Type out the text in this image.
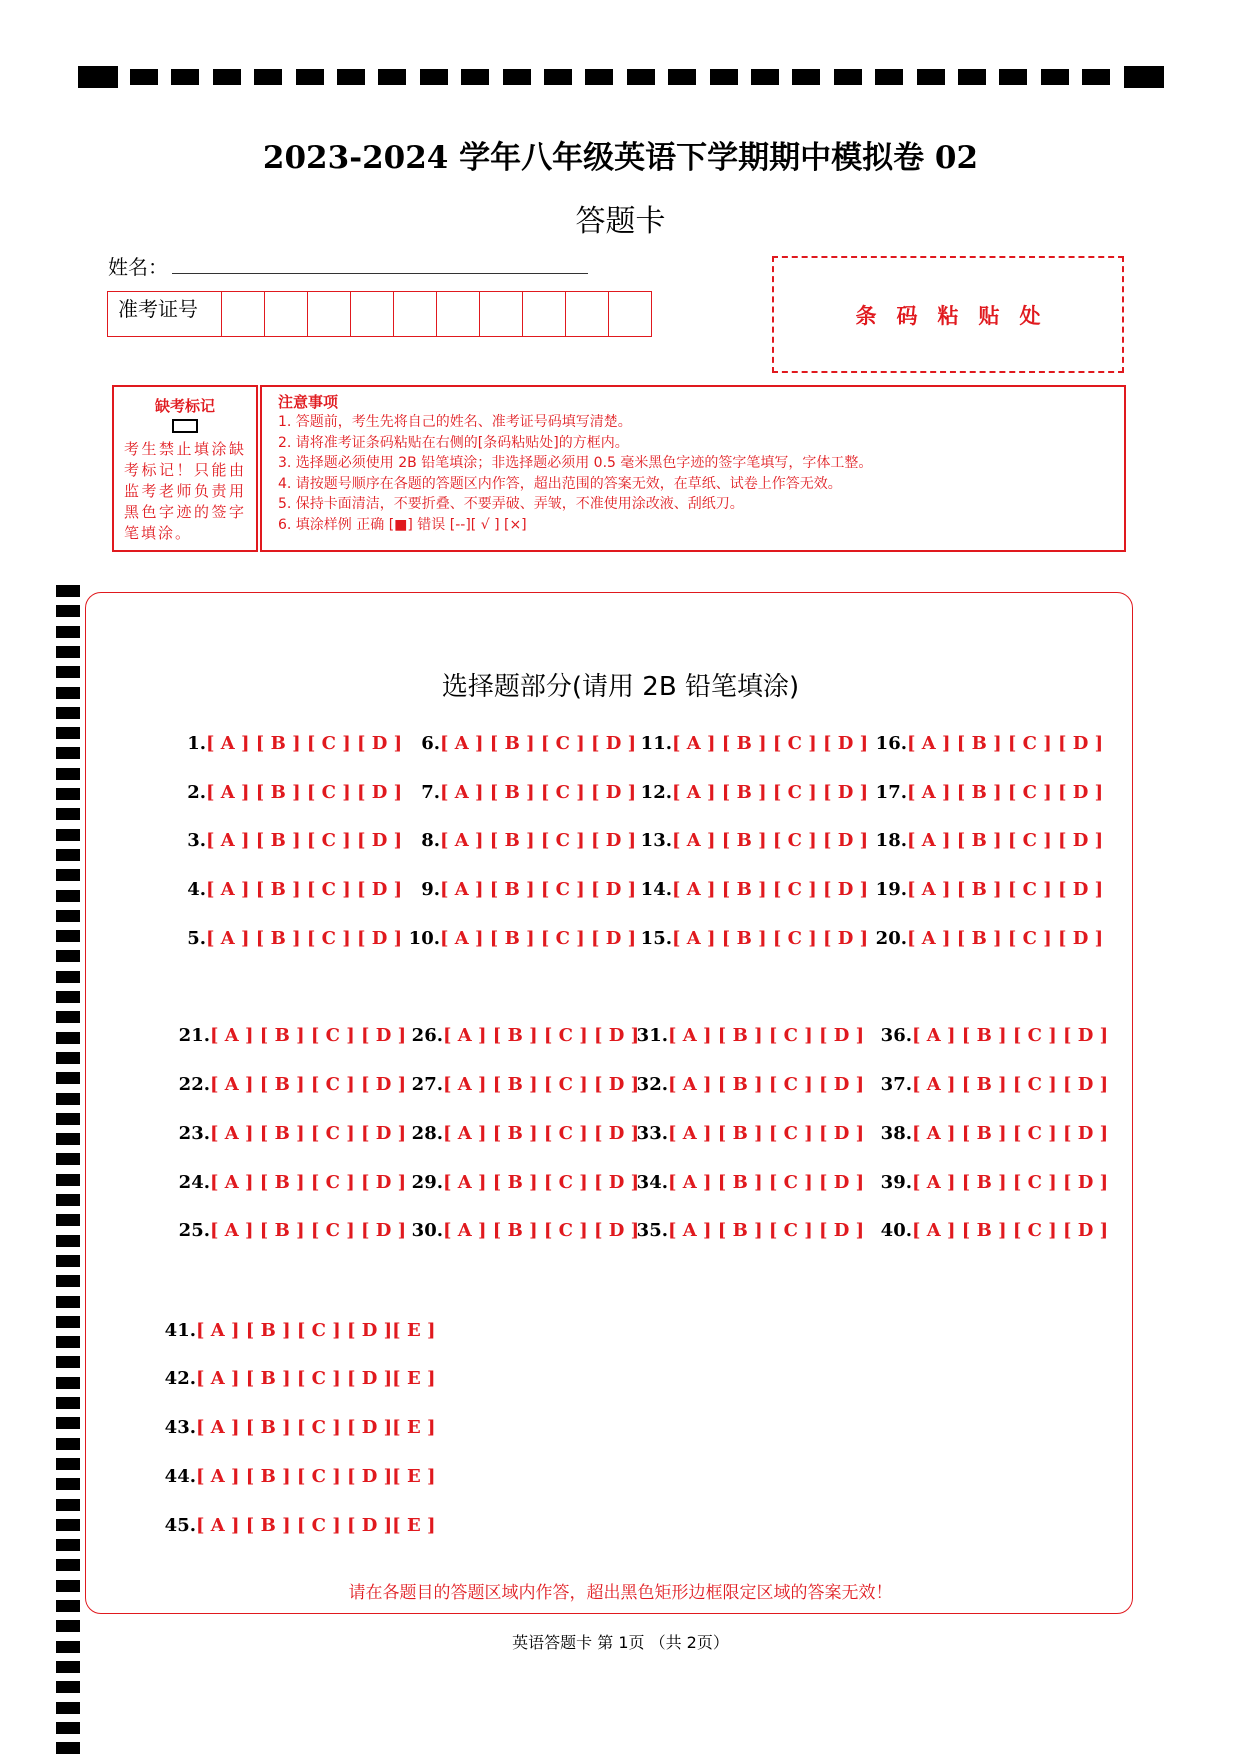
2023-2024 学年八年级英语下学期期中模拟卷 02
答题卡
姓名：
准考证号	条码粘贴处
缺考标记
考生禁止填涂缺考标记！只能由监考老师负责用黑色字迹的签字笔填涂。
注意事项
1. 答题前，考生先将自己的姓名、准考证号码填写清楚。
2. 请将准考证条码粘贴在右侧的[条码粘贴处]的方框内。
3. 选择题必须使用 2B 铅笔填涂；非选择题必须用 0.5 毫米黑色字迹的签字笔填写，字体工整。
4. 请按题号顺序在各题的答题区内作答，超出范围的答案无效，在草纸、试卷上作答无效。
5. 保持卡面清洁，不要折叠、不要弄破、弄皱，不准使用涂改液、刮纸刀。
6. 填涂样例 正确 [■] 错误 [--][ √ ] [×]
选择题部分(请用 2B 铅笔填涂)
1.[ A ] [ B ] [ C ] [ D ]
2.[ A ] [ B ] [ C ] [ D ]
3.[ A ] [ B ] [ C ] [ D ]
4.[ A ] [ B ] [ C ] [ D ]
5.[ A ] [ B ] [ C ] [ D ]
6.[ A ] [ B ] [ C ] [ D ]
7.[ A ] [ B ] [ C ] [ D ]
8.[ A ] [ B ] [ C ] [ D ]
9.[ A ] [ B ] [ C ] [ D ]
10.[ A ] [ B ] [ C ] [ D ]
11.[ A ] [ B ] [ C ] [ D ]
12.[ A ] [ B ] [ C ] [ D ]
13.[ A ] [ B ] [ C ] [ D ]
14.[ A ] [ B ] [ C ] [ D ]
15.[ A ] [ B ] [ C ] [ D ]
16.[ A ] [ B ] [ C ] [ D ]
17.[ A ] [ B ] [ C ] [ D ]
18.[ A ] [ B ] [ C ] [ D ]
19.[ A ] [ B ] [ C ] [ D ]
20.[ A ] [ B ] [ C ] [ D ]
21.[ A ] [ B ] [ C ] [ D ]
22.[ A ] [ B ] [ C ] [ D ]
23.[ A ] [ B ] [ C ] [ D ]
24.[ A ] [ B ] [ C ] [ D ]
25.[ A ] [ B ] [ C ] [ D ]
26.[ A ] [ B ] [ C ] [ D ]
27.[ A ] [ B ] [ C ] [ D ]
28.[ A ] [ B ] [ C ] [ D ]
29.[ A ] [ B ] [ C ] [ D ]
30.[ A ] [ B ] [ C ] [ D ]
31.[ A ] [ B ] [ C ] [ D ]
32.[ A ] [ B ] [ C ] [ D ]
33.[ A ] [ B ] [ C ] [ D ]
34.[ A ] [ B ] [ C ] [ D ]
35.[ A ] [ B ] [ C ] [ D ]
36.[ A ] [ B ] [ C ] [ D ]
37.[ A ] [ B ] [ C ] [ D ]
38.[ A ] [ B ] [ C ] [ D ]
39.[ A ] [ B ] [ C ] [ D ]
40.[ A ] [ B ] [ C ] [ D ]
41.[ A ] [ B ] [ C ] [ D ][ E ]
42.[ A ] [ B ] [ C ] [ D ][ E ]
43.[ A ] [ B ] [ C ] [ D ][ E ]
44.[ A ] [ B ] [ C ] [ D ][ E ]
45.[ A ] [ B ] [ C ] [ D ][ E ]
请在各题目的答题区域内作答，超出黑色矩形边框限定区域的答案无效！
英语答题卡 第 1页 （共 2页）
